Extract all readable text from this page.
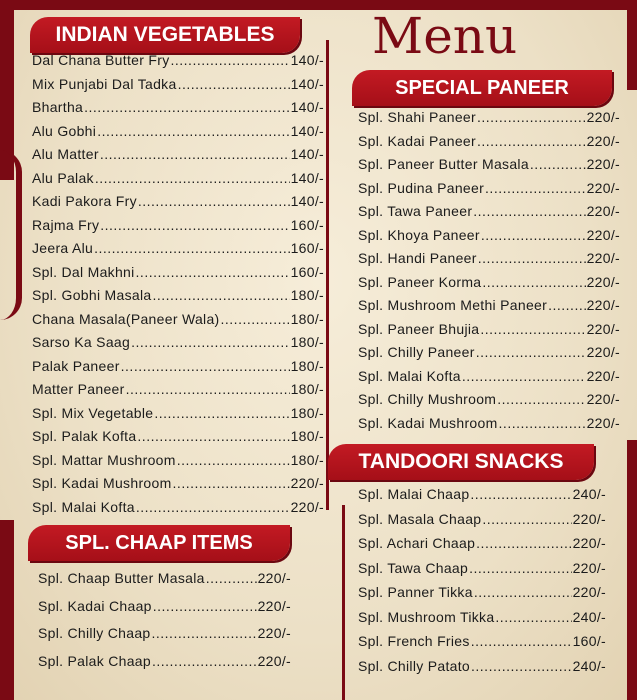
Menu
INDIAN VEGETABLES
Dal Chana Butter Fry .....	140/-
Mix Punjabi Dal Tadka .....	140/-
Bhartha .....	140/-
Alu Gobhi .....	140/-
Alu Matter .....	140/-
Alu Palak .....	140/-
Kadi Pakora Fry .....	140/-
Rajma Fry .....	160/-
Jeera Alu .....	160/-
Spl. Dal Makhni .....	160/-
Spl. Gobhi Masala .....	180/-
Chana Masala(Paneer Wala) .....	180/-
Sarso Ka Saag .....	180/-
Palak Paneer .....	180/-
Matter Paneer .....	180/-
Spl. Mix Vegetable .....	180/-
Spl. Palak Kofta .....	180/-
Spl. Mattar Mushroom .....	180/-
Spl. Kadai Mushroom .....	220/-
Spl. Malai Kofta .....	220/-
SPECIAL PANEER
Spl. Shahi Paneer .....	220/-
Spl. Kadai Paneer .....	220/-
Spl. Paneer Butter Masala .....	220/-
Spl. Pudina Paneer .....	220/-
Spl. Tawa Paneer .....	220/-
Spl. Khoya Paneer .....	220/-
Spl. Handi Paneer .....	220/-
Spl. Paneer Korma .....	220/-
Spl. Mushroom Methi Paneer .....	220/-
Spl. Paneer Bhujia .....	220/-
Spl. Chilly Paneer .....	220/-
Spl. Malai Kofta .....	220/-
Spl. Chilly Mushroom .....	220/-
Spl. Kadai Mushroom .....	220/-
TANDOORI SNACKS
Spl. Malai Chaap .....	240/-
Spl. Masala Chaap .....	220/-
Spl. Achari Chaap .....	220/-
Spl. Tawa Chaap .....	220/-
Spl. Panner Tikka .....	220/-
Spl. Mushroom Tikka .....	240/-
Spl. French Fries .....	160/-
Spl. Chilly Patato .....	240/-
SPL. CHAAP ITEMS
Spl. Chaap Butter Masala .....	220/-
Spl. Kadai Chaap .....	220/-
Spl. Chilly Chaap .....	220/-
Spl. Palak Chaap .....	220/-
